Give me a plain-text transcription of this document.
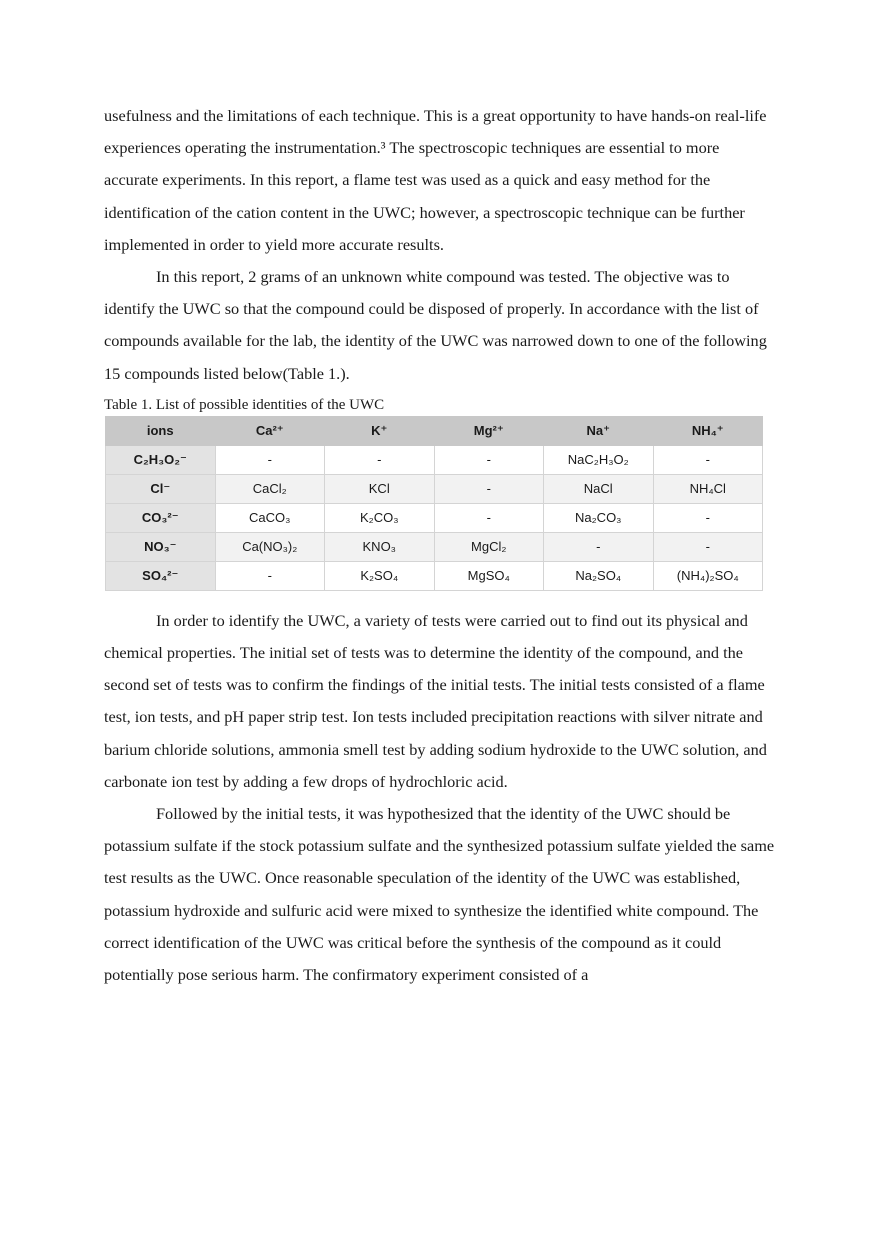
usefulness and the limitations of each technique. This is a great opportunity to have hands-on real-life experiences operating the instrumentation.³ The spectroscopic techniques are essential to more accurate experiments. In this report, a flame test was used as a quick and easy method for the identification of the cation content in the UWC; however, a spectroscopic technique can be further implemented in order to yield more accurate results.

In this report, 2 grams of an unknown white compound was tested. The objective was to identify the UWC so that the compound could be disposed of properly. In accordance with the list of compounds available for the lab, the identity of the UWC was narrowed down to one of the following 15 compounds listed below(Table 1.).

Table 1. List of possible identities of the UWC

ions	Ca²⁺	K⁺	Mg²⁺	Na⁺	NH₄⁺
C₂H₃O₂⁻	-	-	-	NaC₂H₃O₂	-
Cl⁻	CaCl₂	KCl	-	NaCl	NH₄Cl
CO₃²⁻	CaCO₃	K₂CO₃	-	Na₂CO₃	-
NO₃⁻	Ca(NO₃)₂	KNO₃	MgCl₂	-	-
SO₄²⁻	-	K₂SO₄	MgSO₄	Na₂SO₄	(NH₄)₂SO₄

In order to identify the UWC, a variety of tests were carried out to find out its physical and chemical properties. The initial set of tests was to determine the identity of the compound, and the second set of tests was to confirm the findings of the initial tests. The initial tests consisted of a flame test, ion tests, and pH paper strip test. Ion tests included precipitation reactions with silver nitrate and barium chloride solutions, ammonia smell test by adding sodium hydroxide to the UWC solution, and carbonate ion test by adding a few drops of hydrochloric acid.

Followed by the initial tests, it was hypothesized that the identity of the UWC should be potassium sulfate if the stock potassium sulfate and the synthesized potassium sulfate yielded the same test results as the UWC. Once reasonable speculation of the identity of the UWC was established, potassium hydroxide and sulfuric acid were mixed to synthesize the identified white compound. The correct identification of the UWC was critical before the synthesis of the compound as it could potentially pose serious harm. The confirmatory experiment consisted of a
